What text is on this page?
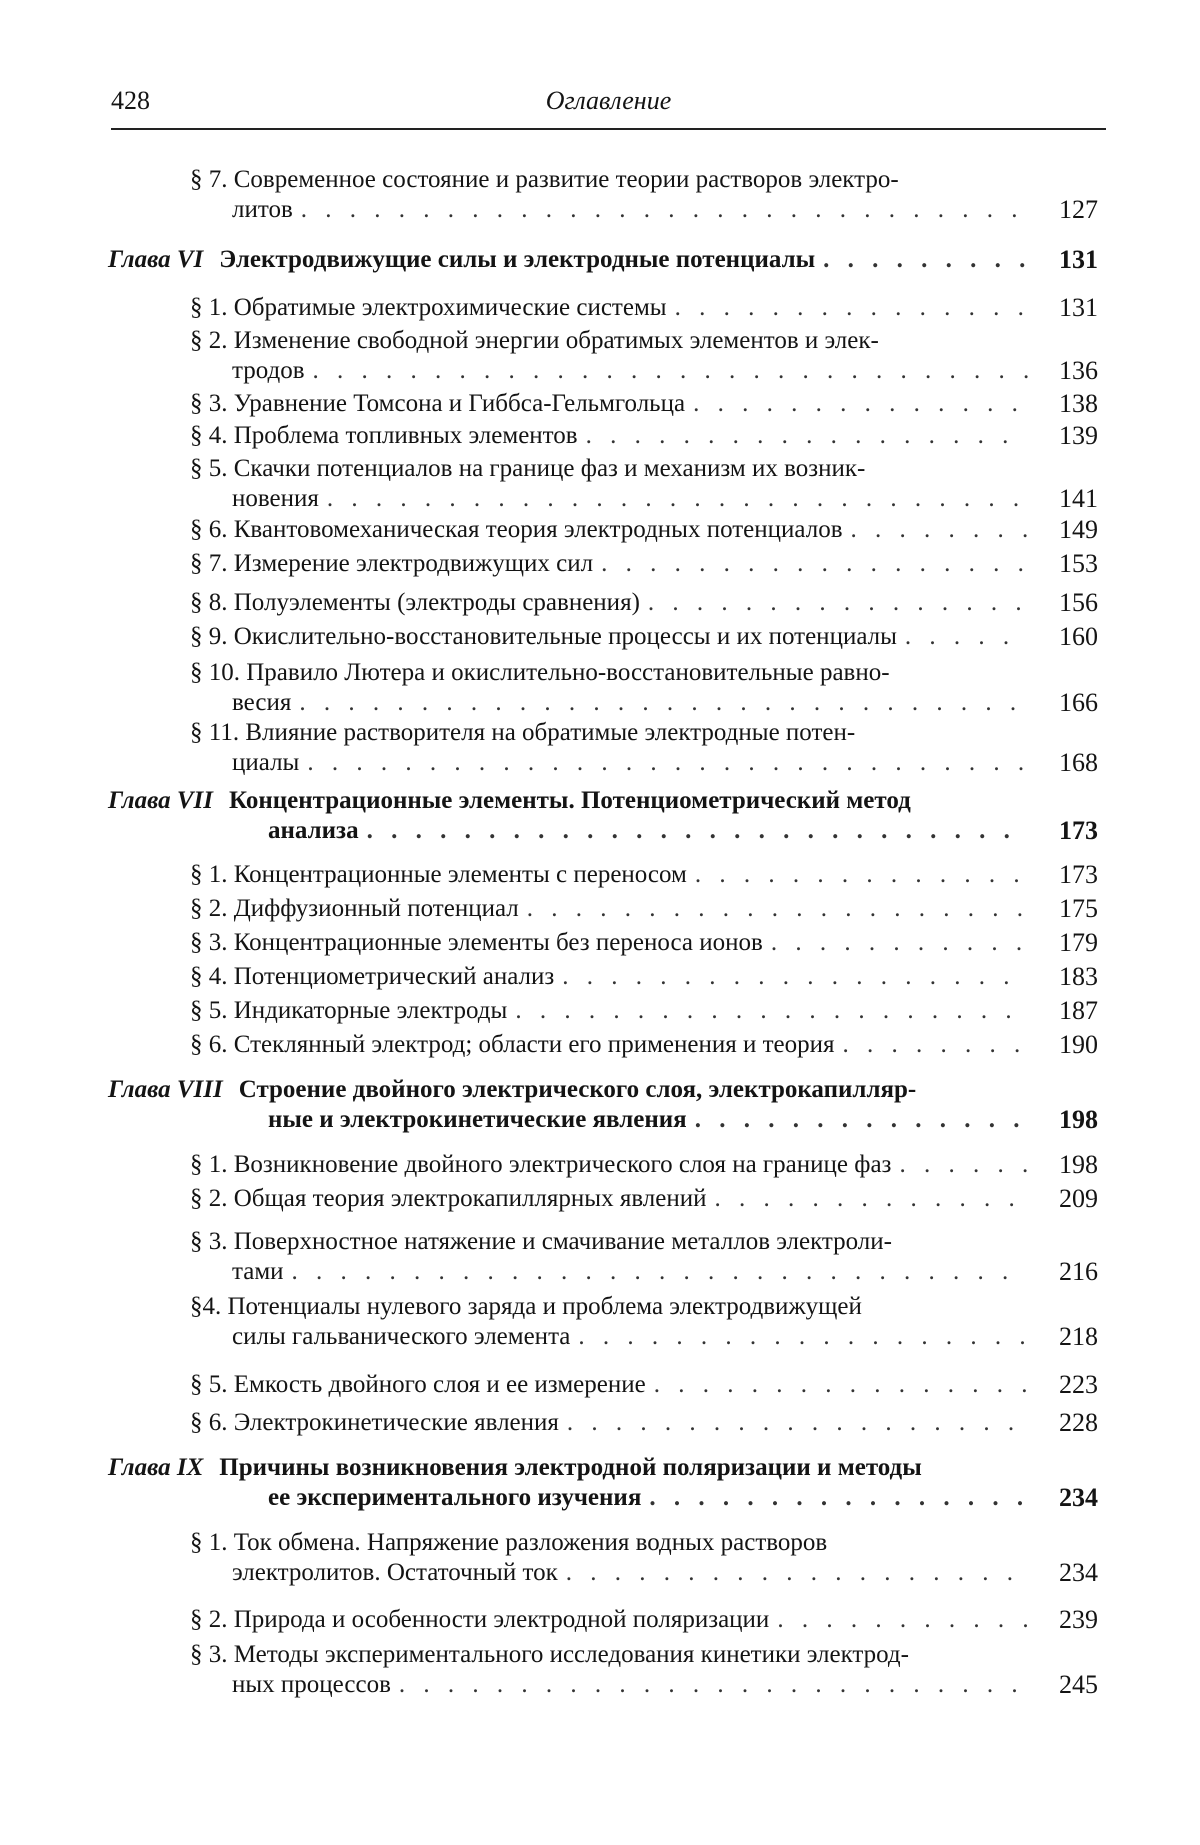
428	Оглавление
§ 7. Современное состояние и развитие теории растворов электро-
литов . . .	127
Глава VI Электродвижущие силы и электродные потенциалы . . .	131
§ 1. Обратимые электрохимические системы . . .	131
§ 2. Изменение свободной энергии обратимых элементов и элек-
тродов . . .	136
§ 3. Уравнение Томсона и Гиббса-Гельмгольца . . .	138
§ 4. Проблема топливных элементов . . .	139
§ 5. Скачки потенциалов на границе фаз и механизм их возник-
новения . . .	141
§ 6. Квантовомеханическая теория электродных потенциалов . . .	149
§ 7. Измерение электродвижущих сил . . .	153
§ 8. Полуэлементы (электроды сравнения) . . .	156
§ 9. Окислительно-восстановительные процессы и их потенциалы . . .	160
§ 10. Правило Лютера и окислительно-восстановительные равно-
весия . . .	166
§ 11. Влияние растворителя на обратимые электродные потен-
циалы . . .	168
Глава VII Концентрационные элементы. Потенциометрический метод
анализа . . .	173
§ 1. Концентрационные элементы с переносом . . .	173
§ 2. Диффузионный потенциал . . .	175
§ 3. Концентрационные элементы без переноса ионов . . .	179
§ 4. Потенциометрический анализ . . .	183
§ 5. Индикаторные электроды . . .	187
§ 6. Стеклянный электрод; области его применения и теория . . .	190
Глава VIII Строение двойного электрического слоя, электрокапилляр-
ные и электрокинетические явления . . .	198
§ 1. Возникновение двойного электрического слоя на границе фаз . . .	198
§ 2. Общая теория электрокапиллярных явлений . . .	209
§ 3. Поверхностное натяжение и смачивание металлов электроли-
тами . . .	216
§4. Потенциалы нулевого заряда и проблема электродвижущей
силы гальванического элемента . . .	218
§ 5. Емкость двойного слоя и ее измерение . . .	223
§ 6. Электрокинетические явления . . .	228
Глава IX Причины возникновения электродной поляризации и методы
ее экспериментального изучения . . .	234
§ 1. Ток обмена. Напряжение разложения водных растворов
электролитов. Остаточный ток . . .	234
§ 2. Природа и особенности электродной поляризации . . .	239
§ 3. Методы экспериментального исследования кинетики электрод-
ных процессов . . .	245
